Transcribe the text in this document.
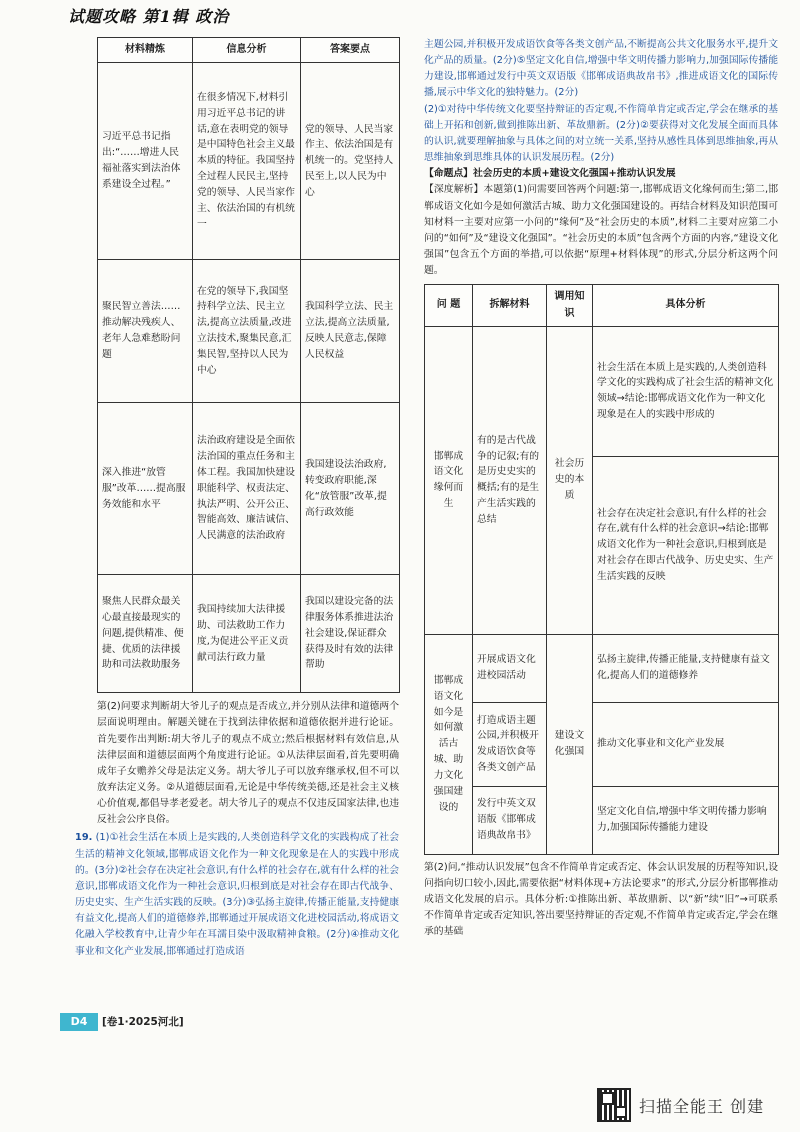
试题攻略 第1辑 政治
材料精炼	信息分析	答案要点
习近平总书记指出:“……增进人民福祉落实到法治体系建设全过程。”	在很多情况下,材料引用习近平总书记的讲话,意在表明党的领导是中国特色社会主义最本质的特征。我国坚持全过程人民民主,坚持党的领导、人民当家作主、依法治国的有机统一	党的领导、人民当家作主、依法治国是有机统一的。党坚持人民至上,以人民为中心
聚民智立善法……推动解决残疾人、老年人急难愁盼问题	在党的领导下,我国坚持科学立法、民主立法,提高立法质量,改进立法技术,聚集民意,汇集民智,坚持以人民为中心	我国科学立法、民主立法,提高立法质量,反映人民意志,保障人民权益
深入推进“放管服”改革……提高服务效能和水平	法治政府建设是全面依法治国的重点任务和主体工程。我国加快建设职能科学、权责法定、执法严明、公开公正、智能高效、廉洁诚信、人民满意的法治政府	我国建设法治政府,转变政府职能,深化“放管服”改革,提高行政效能
聚焦人民群众最关心最直接最现实的问题,提供精准、便捷、优质的法律援助和司法救助服务	我国持续加大法律援助、司法救助工作力度,为促进公平正义贡献司法行政力量	我国以建设完备的法律服务体系推进法治社会建设,保证群众获得及时有效的法律帮助

第(2)问要求判断胡大爷儿子的观点是否成立,并分别从法律和道德两个层面说明理由。解题关键在于找到法律依据和道德依据并进行论证。首先要作出判断:胡大爷儿子的观点不成立;然后根据材料有效信息,从法律层面和道德层面两个角度进行论证。①从法律层面看,首先要明确成年子女赡养父母是法定义务。胡大爷儿子可以放弃继承权,但不可以放弃法定义务。②从道德层面看,无论是中华传统美德,还是社会主义核心价值观,都倡导孝老爱老。胡大爷儿子的观点不仅违反国家法律,也违反社会公序良俗。

19. (1)①社会生活在本质上是实践的,人类创造科学文化的实践构成了社会生活的精神文化领域,邯郸成语文化作为一种文化现象是在人的实践中形成的。(3分)②社会存在决定社会意识,有什么样的社会存在,就有什么样的社会意识,邯郸成语文化作为一种社会意识,归根到底是对社会存在即古代战争、历史史实、生产生活实践的反映。(3分)③弘扬主旋律,传播正能量,支持健康有益文化,提高人们的道德修养,邯郸通过开展成语文化进校园活动,将成语文化融入学校教育中,让青少年在耳濡目染中汲取精神食粮。(2分)④推动文化事业和文化产业发展,邯郸通过打造成语

主题公园,并积极开发成语饮食等各类文创产品,不断提高公共文化服务水平,提升文化产品的质量。(2分)⑤坚定文化自信,增强中华文明传播力影响力,加强国际传播能力建设,邯郸通过发行中英文双语版《邯郸成语典故帛书》,推进成语文化的国际传播,展示中华文化的独特魅力。(2分)

(2)①对待中华传统文化要坚持辩证的否定观,不作简单肯定或否定,学会在继承的基础上开拓和创新,做到推陈出新、革故鼎新。(2分)②要获得对文化发展全面而具体的认识,就要理解抽象与具体之间的对立统一关系,坚持从感性具体到思维抽象,再从思维抽象到思维具体的认识发展历程。(2分)

【命题点】社会历史的本质+建设文化强国+推动认识发展

【深度解析】本题第(1)问需要回答两个问题:第一,邯郸成语文化缘何而生;第二,邯郸成语文化如今是如何激活古城、助力文化强国建设的。再结合材料及知识范围可知材料一主要对应第一小问的“缘何”及“社会历史的本质”,材料二主要对应第二小问的“如何”及“建设文化强国”。“社会历史的本质”包含两个方面的内容,“建设文化强国”包含五个方面的举措,可以依据“原理+材料体现”的形式,分层分析这两个问题。

问 题	拆解材料	调用知识	具体分析
邯郸成语文化缘何而生	有的是古代战争的记叙;有的是历史史实的概括;有的是生产生活实践的总结	社会历史的本质	社会生活在本质上是实践的,人类创造科学文化的实践构成了社会生活的精神文化领域→结论:邯郸成语文化作为一种文化现象是在人的实践中形成的
			社会存在决定社会意识,有什么样的社会存在,就有什么样的社会意识→结论:邯郸成语文化作为一种社会意识,归根到底是对社会存在即古代战争、历史史实、生产生活实践的反映
邯郸成语文化如今是如何激活古城、助力文化强国建设的	开展成语文化进校园活动	建设文化强国	弘扬主旋律,传播正能量,支持健康有益文化,提高人们的道德修养
	打造成语主题公园,并积极开发成语饮食等各类文创产品		推动文化事业和文化产业发展
	发行中英文双语版《邯郸成语典故帛书》		坚定文化自信,增强中华文明传播力影响力,加强国际传播能力建设

第(2)问,“推动认识发展”包含不作简单肯定或否定、体会认识发展的历程等知识,设问指向切口较小,因此,需要依据“材料体现+方法论要求”的形式,分层分析邯郸推动成语文化发展的启示。具体分析:①推陈出新、革故鼎新、以“新”续“旧”→可联系不作简单肯定或否定知识,答出要坚持辩证的否定观,不作简单肯定或否定,学会在继承的基础

D4	[卷1·2025河北]
扫描全能王 创建
